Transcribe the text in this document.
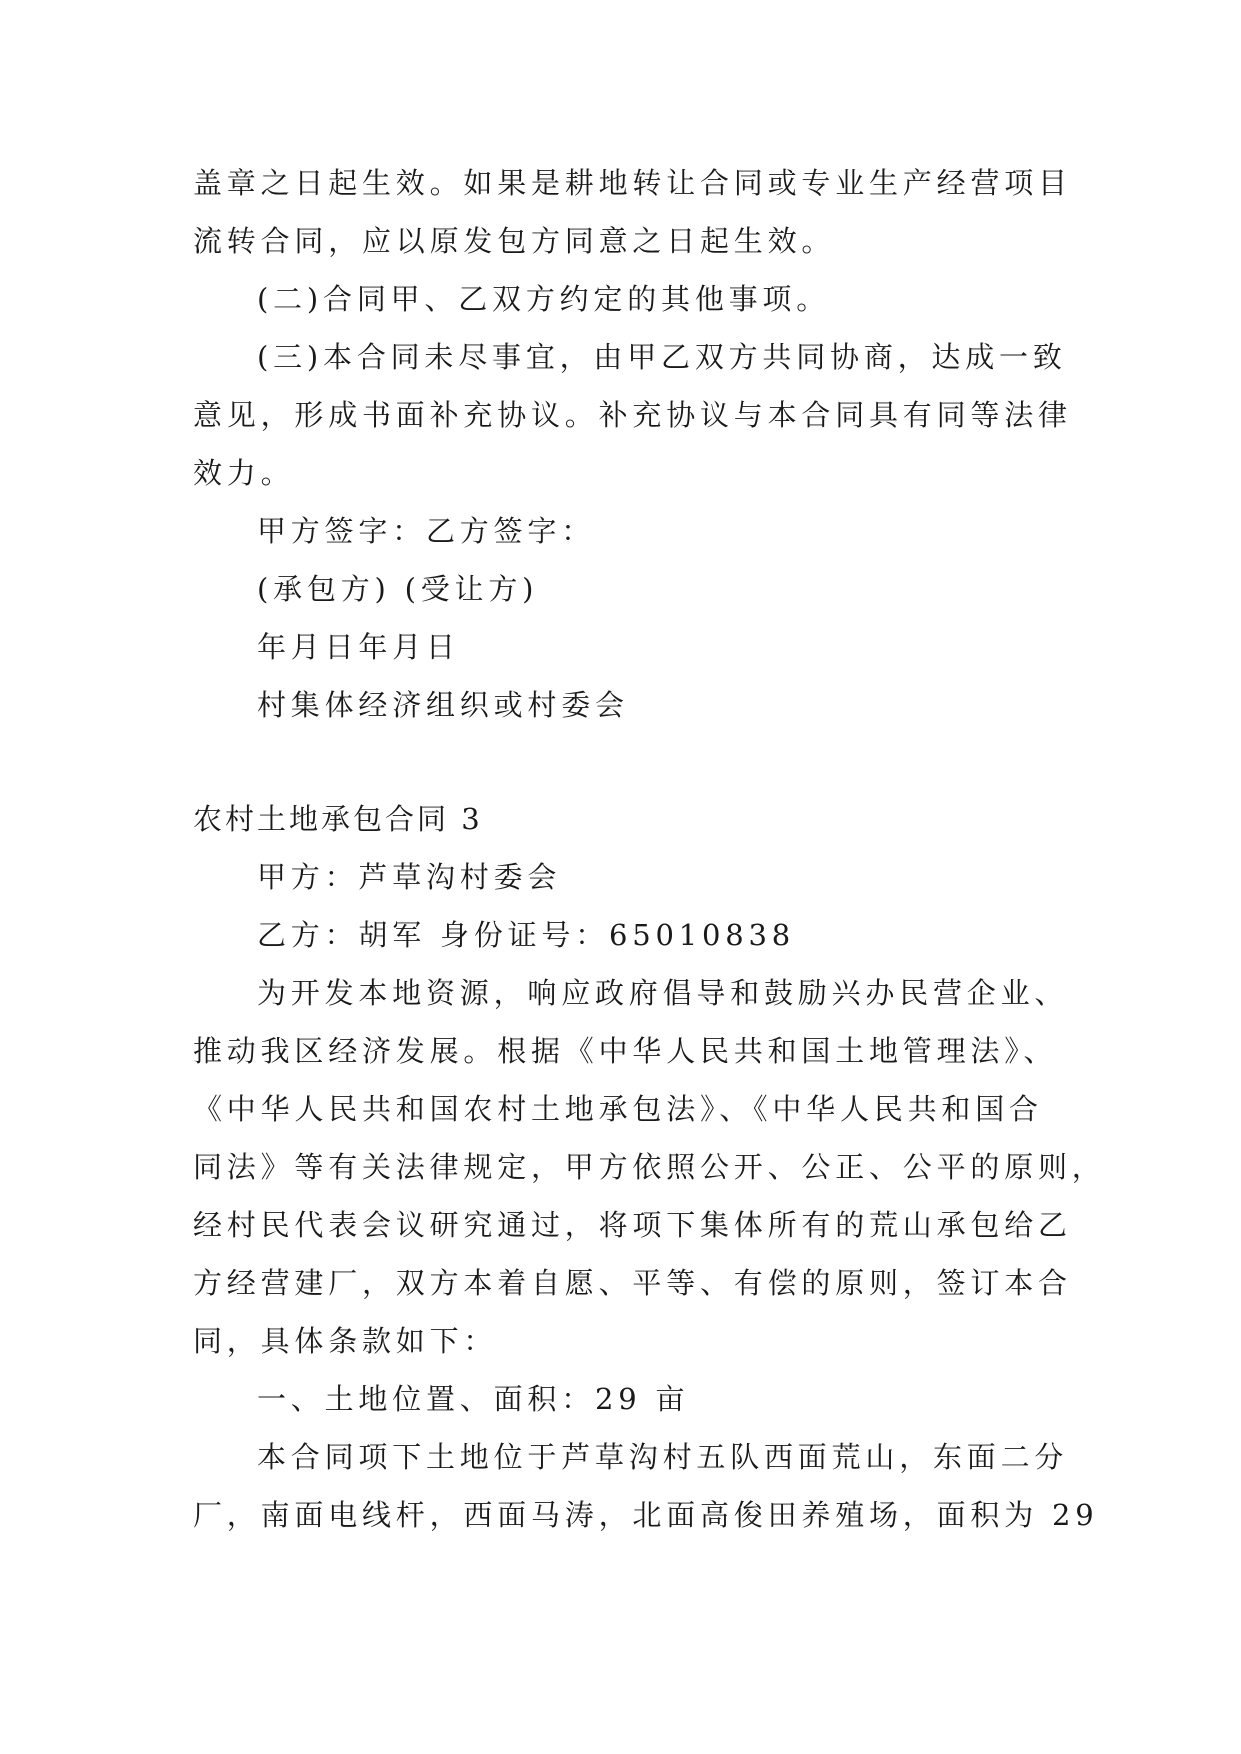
盖章之日起生效。如果是耕地转让合同或专业生产经营项目
流转合同，应以原发包方同意之日起生效。
(二)合同甲、乙双方约定的其他事项。
(三)本合同未尽事宜，由甲乙双方共同协商，达成一致
意见，形成书面补充协议。补充协议与本合同具有同等法律
效力。
甲方签字：乙方签字：
(承包方) (受让方)
年月日年月日
村集体经济组织或村委会
农村土地承包合同 3
甲方：芦草沟村委会
乙方：胡军 身份证号：65010838
为开发本地资源，响应政府倡导和鼓励兴办民营企业、
推动我区经济发展。根据《中华人民共和国土地管理法》、
《中华人民共和国农村土地承包法》、《中华人民共和国合
同法》等有关法律规定，甲方依照公开、公正、公平的原则，
经村民代表会议研究通过，将项下集体所有的荒山承包给乙
方经营建厂，双方本着自愿、平等、有偿的原则，签订本合
同，具体条款如下：
一、土地位置、面积：29 亩
本合同项下土地位于芦草沟村五队西面荒山，东面二分
厂，南面电线杆，西面马涛，北面高俊田养殖场，面积为 29
